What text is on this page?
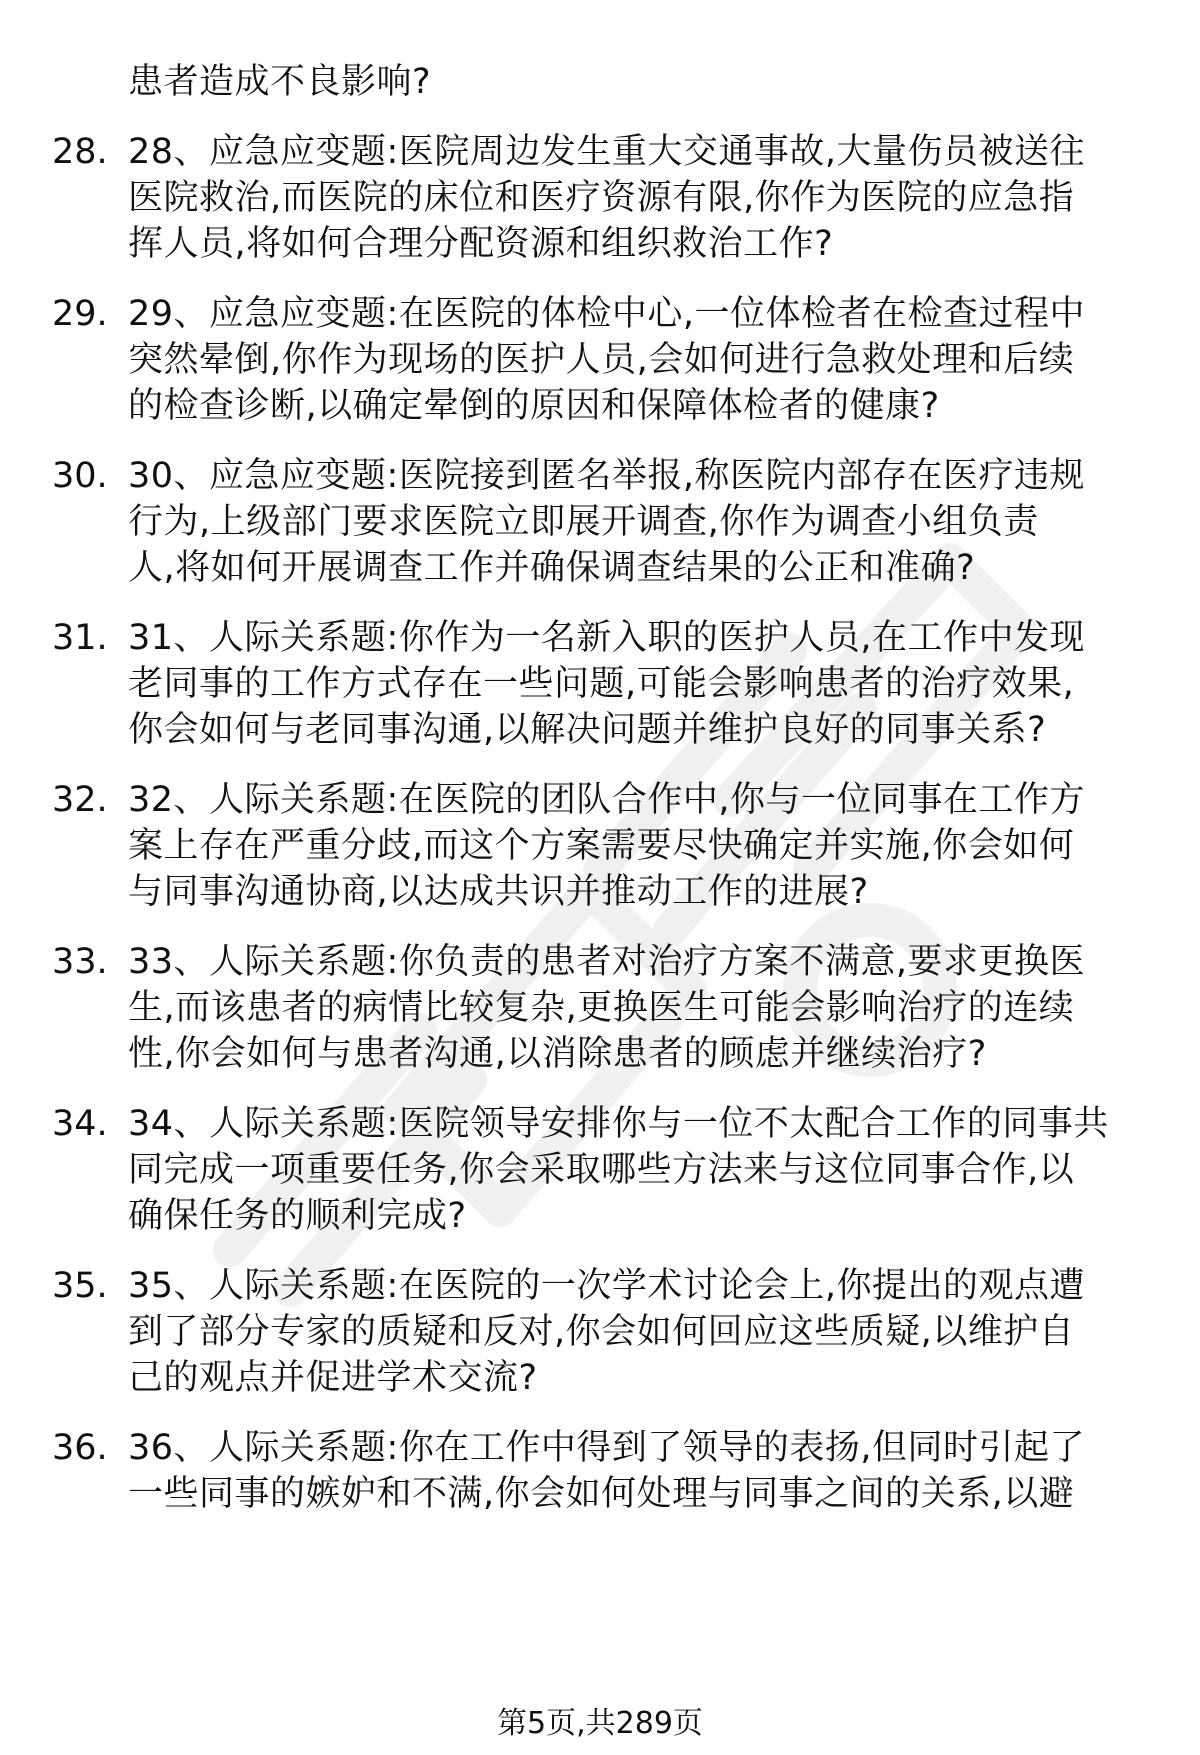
患者造成不良影响?
28. 28、应急应变题:医院周边发生重大交通事故,大量伤员被送往
医院救治,而医院的床位和医疗资源有限,你作为医院的应急指
挥人员,将如何合理分配资源和组织救治工作?
29. 29、应急应变题:在医院的体检中心,一位体检者在检查过程中
突然晕倒,你作为现场的医护人员,会如何进行急救处理和后续
的检查诊断,以确定晕倒的原因和保障体检者的健康?
30. 30、应急应变题:医院接到匿名举报,称医院内部存在医疗违规
行为,上级部门要求医院立即展开调查,你作为调查小组负责
人,将如何开展调查工作并确保调查结果的公正和准确?
31. 31、人际关系题:你作为一名新入职的医护人员,在工作中发现
老同事的工作方式存在一些问题,可能会影响患者的治疗效果,
你会如何与老同事沟通,以解决问题并维护良好的同事关系?
32. 32、人际关系题:在医院的团队合作中,你与一位同事在工作方
案上存在严重分歧,而这个方案需要尽快确定并实施,你会如何
与同事沟通协商,以达成共识并推动工作的进展?
33. 33、人际关系题:你负责的患者对治疗方案不满意,要求更换医
生,而该患者的病情比较复杂,更换医生可能会影响治疗的连续
性,你会如何与患者沟通,以消除患者的顾虑并继续治疗?
34. 34、人际关系题:医院领导安排你与一位不太配合工作的同事共
同完成一项重要任务,你会采取哪些方法来与这位同事合作,以
确保任务的顺利完成?
35. 35、人际关系题:在医院的一次学术讨论会上,你提出的观点遭
到了部分专家的质疑和反对,你会如何回应这些质疑,以维护自
己的观点并促进学术交流?
36. 36、人际关系题:你在工作中得到了领导的表扬,但同时引起了
一些同事的嫉妒和不满,你会如何处理与同事之间的关系,以避
第5页,共289页
